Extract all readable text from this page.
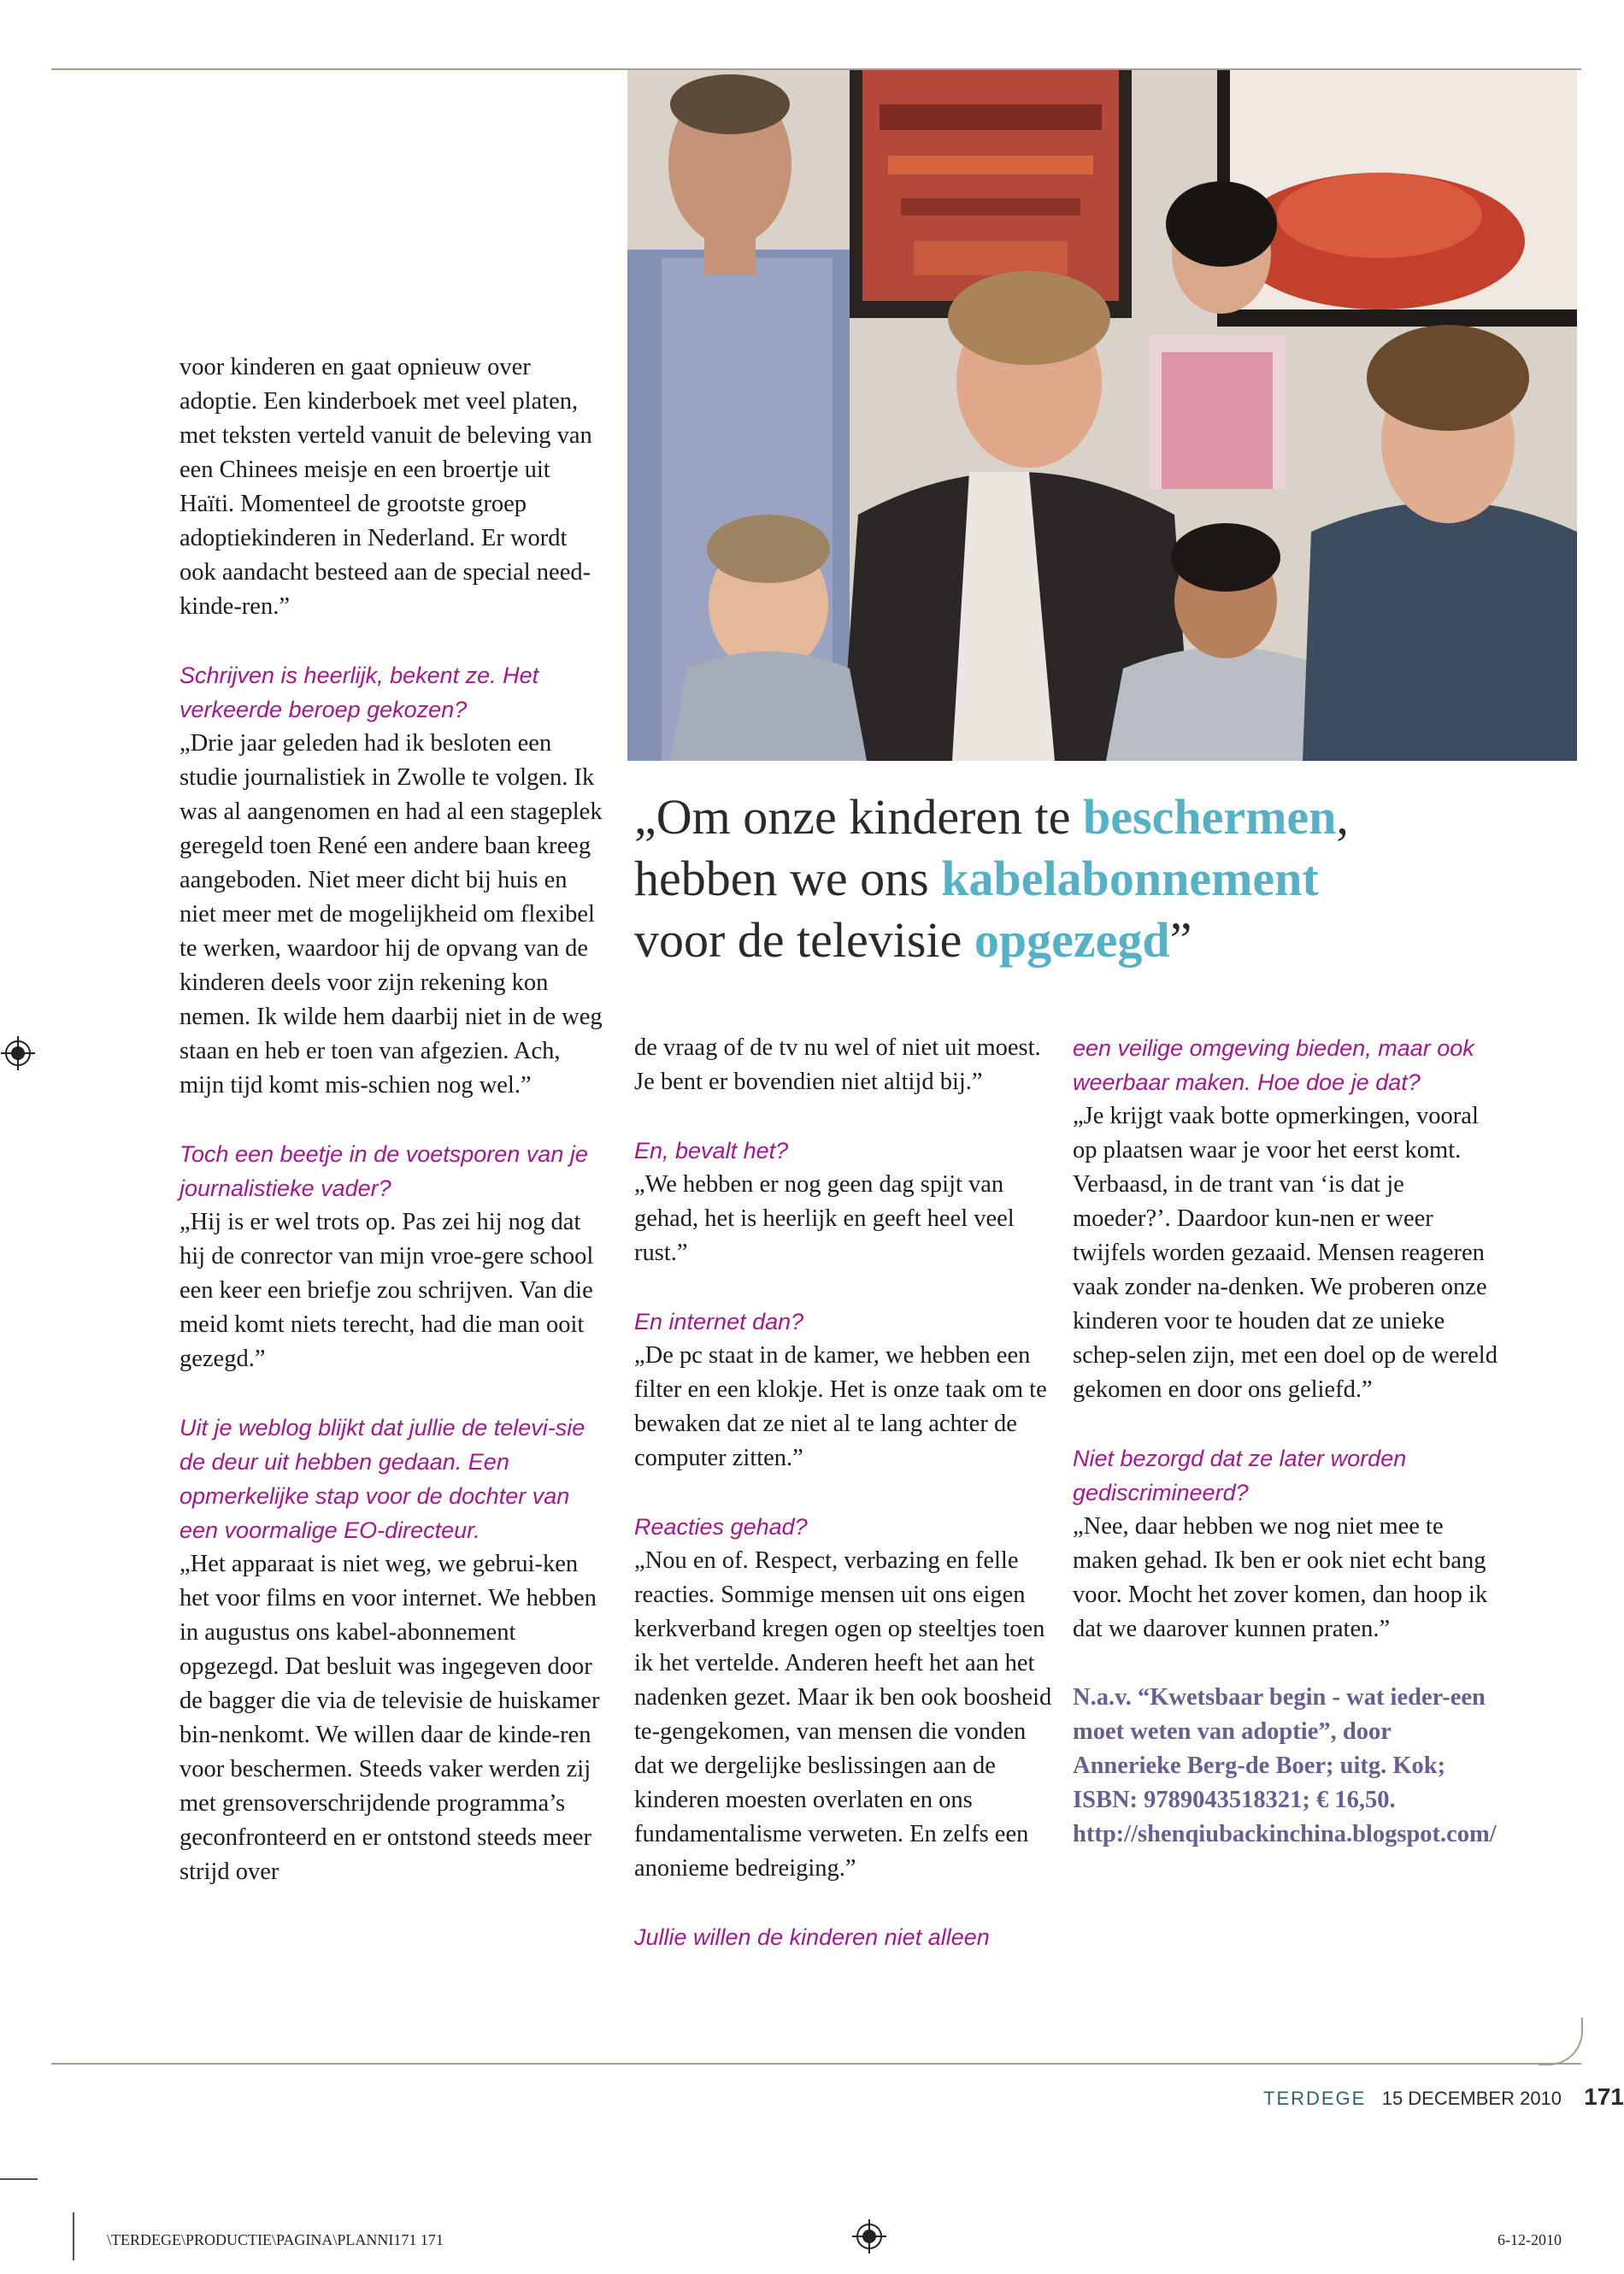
„Om onze kinderen te beschermen,
hebben we ons kabelabonnement
voor de televisie opgezegd”

voor kinderen en gaat opnieuw over adoptie. Een kinderboek met veel platen, met teksten verteld vanuit de beleving van een Chinees meisje en een broertje uit Haïti. Momenteel de grootste groep adoptiekinderen in Nederland. Er wordt ook aandacht besteed aan de special need-kinde-ren.”

Schrijven is heerlijk, bekent ze. Het verkeerde beroep gekozen?
„Drie jaar geleden had ik besloten een studie journalistiek in Zwolle te volgen. Ik was al aangenomen en had al een stageplek geregeld toen René een andere baan kreeg aangeboden. Niet meer dicht bij huis en niet meer met de mogelijkheid om flexibel te werken, waardoor hij de opvang van de kinderen deels voor zijn rekening kon nemen. Ik wilde hem daarbij niet in de weg staan en heb er toen van afgezien. Ach, mijn tijd komt mis-schien nog wel.”

Toch een beetje in de voetsporen van je journalistieke vader?
„Hij is er wel trots op. Pas zei hij nog dat hij de conrector van mijn vroe-gere school een keer een briefje zou schrijven. Van die meid komt niets terecht, had die man ooit gezegd.”

Uit je weblog blijkt dat jullie de televi-sie de deur uit hebben gedaan. Een opmerkelijke stap voor de dochter van een voormalige EO-directeur.
„Het apparaat is niet weg, we gebrui-ken het voor films en voor internet. We hebben in augustus ons kabel-abonnement opgezegd. Dat besluit was ingegeven door de bagger die via de televisie de huiskamer bin-nenkomt. We willen daar de kinde-ren voor beschermen. Steeds vaker werden zij met grensoverschrijdende programma’s geconfronteerd en er ontstond steeds meer strijd over

de vraag of de tv nu wel of niet uit moest. Je bent er bovendien niet altijd bij.”

En, bevalt het?
„We hebben er nog geen dag spijt van gehad, het is heerlijk en geeft heel veel rust.”

En internet dan?
„De pc staat in de kamer, we hebben een filter en een klokje. Het is onze taak om te bewaken dat ze niet al te lang achter de computer zitten.”

Reacties gehad?
„Nou en of. Respect, verbazing en felle reacties. Sommige mensen uit ons eigen kerkverband kregen ogen op steeltjes toen ik het vertelde. Anderen heeft het aan het nadenken gezet. Maar ik ben ook boosheid te-gengekomen, van mensen die vonden dat we dergelijke beslissingen aan de kinderen moesten overlaten en ons fundamentalisme verweten. En zelfs een anonieme bedreiging.”

Jullie willen de kinderen niet alleen

een veilige omgeving bieden, maar ook weerbaar maken. Hoe doe je dat?
„Je krijgt vaak botte opmerkingen, vooral op plaatsen waar je voor het eerst komt. Verbaasd, in de trant van ‘is dat je moeder?’. Daardoor kun-nen er weer twijfels worden gezaaid. Mensen reageren vaak zonder na-denken. We proberen onze kinderen voor te houden dat ze unieke schep-selen zijn, met een doel op de wereld gekomen en door ons geliefd.”

Niet bezorgd dat ze later worden gediscrimineerd?
„Nee, daar hebben we nog niet mee te maken gehad. Ik ben er ook niet echt bang voor. Mocht het zover komen, dan hoop ik dat we daarover kunnen praten.”

N.a.v. “Kwetsbaar begin - wat ieder-een moet weten van adoptie”, door Annerieke Berg-de Boer; uitg. Kok; ISBN: 9789043518321; € 16,50. http://shenqiubackinchina.blogspot.com/

TERDEGE 15 DECEMBER 2010 171
\TERDEGE\PRODUCTIE\PAGINA\PLANNI171 171	6-12-2010
